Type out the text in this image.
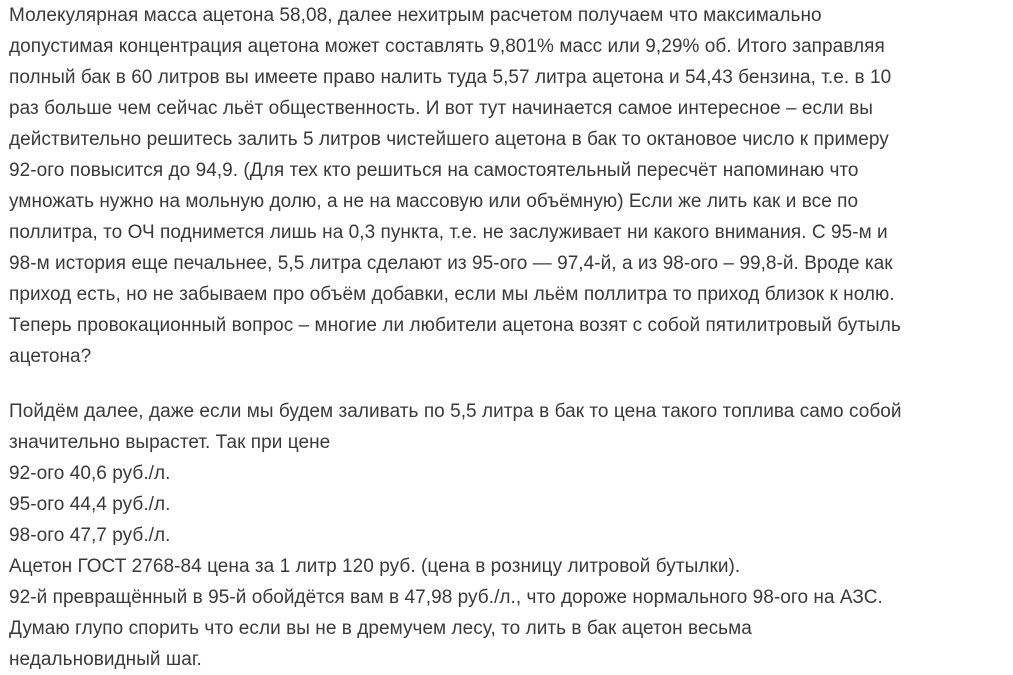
Молекулярная масса ацетона 58,08, далее нехитрым расчетом получаем что максимально
допустимая концентрация ацетона может составлять 9,801% масс или 9,29% об. Итого заправляя
полный бак в 60 литров вы имеете право налить туда 5,57 литра ацетона и 54,43 бензина, т.е. в 10
раз больше чем сейчас льёт общественность. И вот тут начинается самое интересное – если вы
действительно решитесь залить 5 литров чистейшего ацетона в бак то октановое число к примеру
92-ого повысится до 94,9. (Для тех кто решиться на самостоятельный пересчёт напоминаю что
умножать нужно на мольную долю, а не на массовую или объёмную) Если же лить как и все по
поллитра, то ОЧ поднимется лишь на 0,3 пункта, т.е. не заслуживает ни какого внимания. С 95-м и
98-м история еще печальнее, 5,5 литра сделают из 95-ого — 97,4-й, а из 98-ого – 99,8-й. Вроде как
приход есть, но не забываем про объём добавки, если мы льём поллитра то приход близок к нолю.
Теперь провокационный вопрос – многие ли любители ацетона возят с собой пятилитровый бутыль
ацетона?

Пойдём далее, даже если мы будем заливать по 5,5 литра в бак то цена такого топлива само собой
значительно вырастет. Так при цене
92-ого 40,6 руб./л.
95-ого 44,4 руб./л.
98-ого 47,7 руб./л.
Ацетон ГОСТ 2768-84 цена за 1 литр 120 руб. (цена в розницу литровой бутылки).
92-й превращённый в 95-й обойдётся вам в 47,98 руб./л., что дороже нормального 98-ого на АЗС.
Думаю глупо спорить что если вы не в дремучем лесу, то лить в бак ацетон весьма
недальновидный шаг.
